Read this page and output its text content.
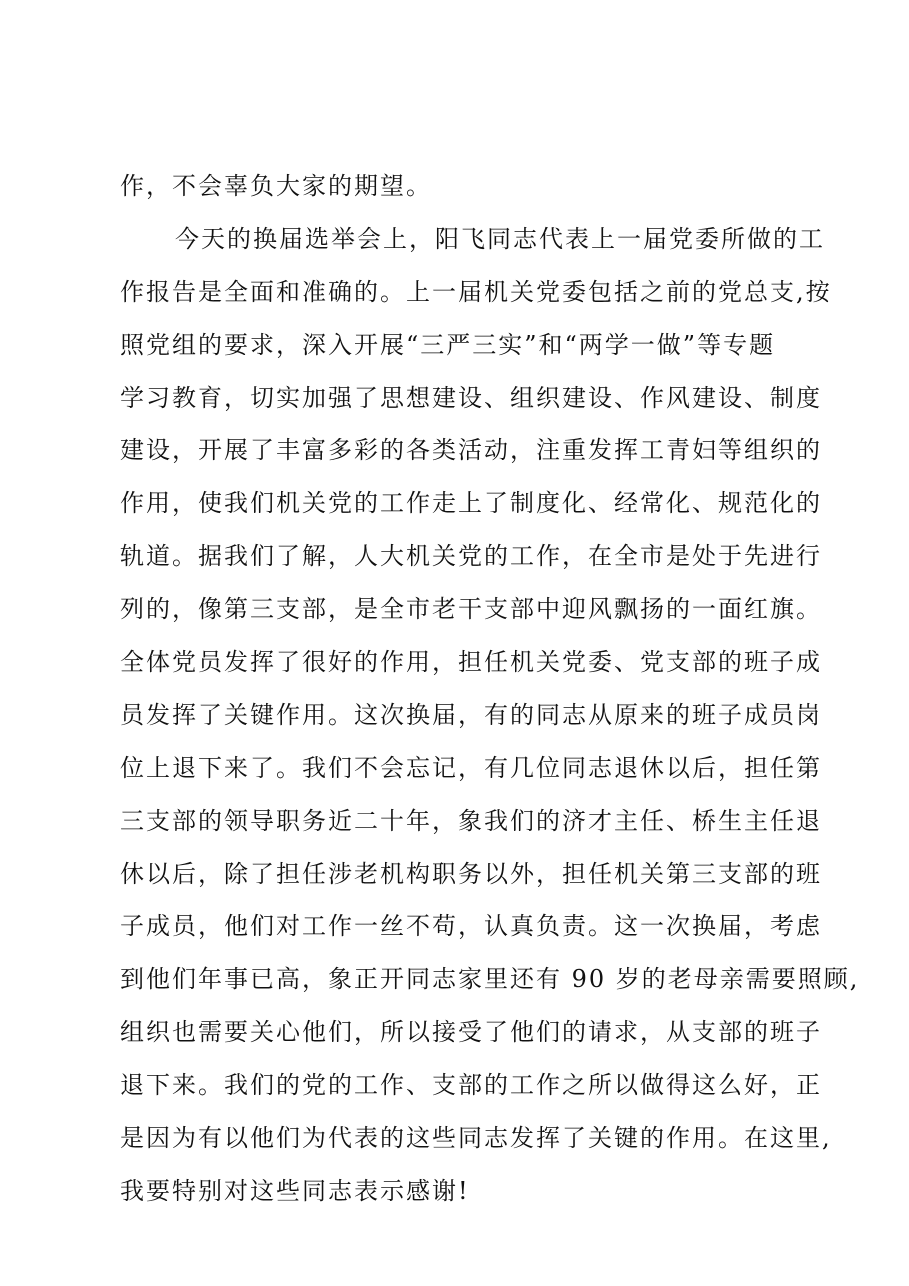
作，不会辜负大家的期望。
今天的换届选举会上，阳飞同志代表上一届党委所做的工
作报告是全面和准确的。上一届机关党委包括之前的党总支,按
照党组的要求，深入开展“三严三实”和“两学一做”等专题
学习教育，切实加强了思想建设、组织建设、作风建设、制度
建设，开展了丰富多彩的各类活动，注重发挥工青妇等组织的
作用，使我们机关党的工作走上了制度化、经常化、规范化的
轨道。据我们了解，人大机关党的工作，在全市是处于先进行
列的，像第三支部，是全市老干支部中迎风飘扬的一面红旗。
全体党员发挥了很好的作用，担任机关党委、党支部的班子成
员发挥了关键作用。这次换届，有的同志从原来的班子成员岗
位上退下来了。我们不会忘记，有几位同志退休以后，担任第
三支部的领导职务近二十年，象我们的济才主任、桥生主任退
休以后，除了担任涉老机构职务以外，担任机关第三支部的班
子成员，他们对工作一丝不苟，认真负责。这一次换届，考虑
到他们年事已高，象正开同志家里还有 90 岁的老母亲需要照顾,
组织也需要关心他们，所以接受了他们的请求，从支部的班子
退下来。我们的党的工作、支部的工作之所以做得这么好，正
是因为有以他们为代表的这些同志发挥了关键的作用。在这里,
我要特别对这些同志表示感谢!
